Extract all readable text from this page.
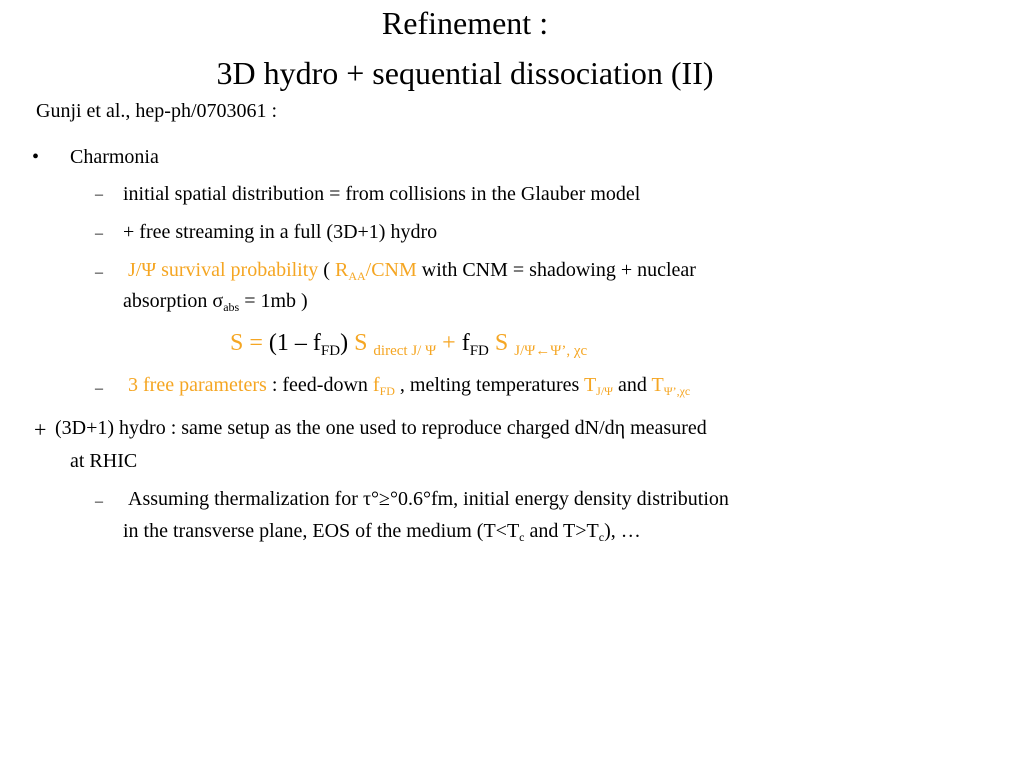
Refinement :
3D hydro + sequential dissociation (II)
Gunji et al., hep-ph/0703061 :
• Charmonia
– initial spatial distribution = from collisions in the Glauber model
– + free streaming in a full (3D+1) hydro
– J/Ψ survival probability ( $R_{AA}$/CNM with CNM = shadowing + nuclear
absorption $\sigma_{abs} = 1mb$ )
$S = (1 - f_{FD})$ S $_{direct J/ \Psi} + f_{FD}$ S $_{J/\Psi\leftarrow\Psi’, \chi c}$
– 3 free parameters : feed-down $f_{FD}$ , melting temperatures $T_{J/\Psi}$ and $T_{\Psi’,\chi c}$
+ (3D+1) hydro : same setup as the one used to reproduce charged dN/dη measured
at RHIC
– Assuming thermalization for τ°≥°0.6°fm, initial energy density distribution
in the transverse plane, EOS of the medium ($T<T_c$ and $T>T_c$), …
